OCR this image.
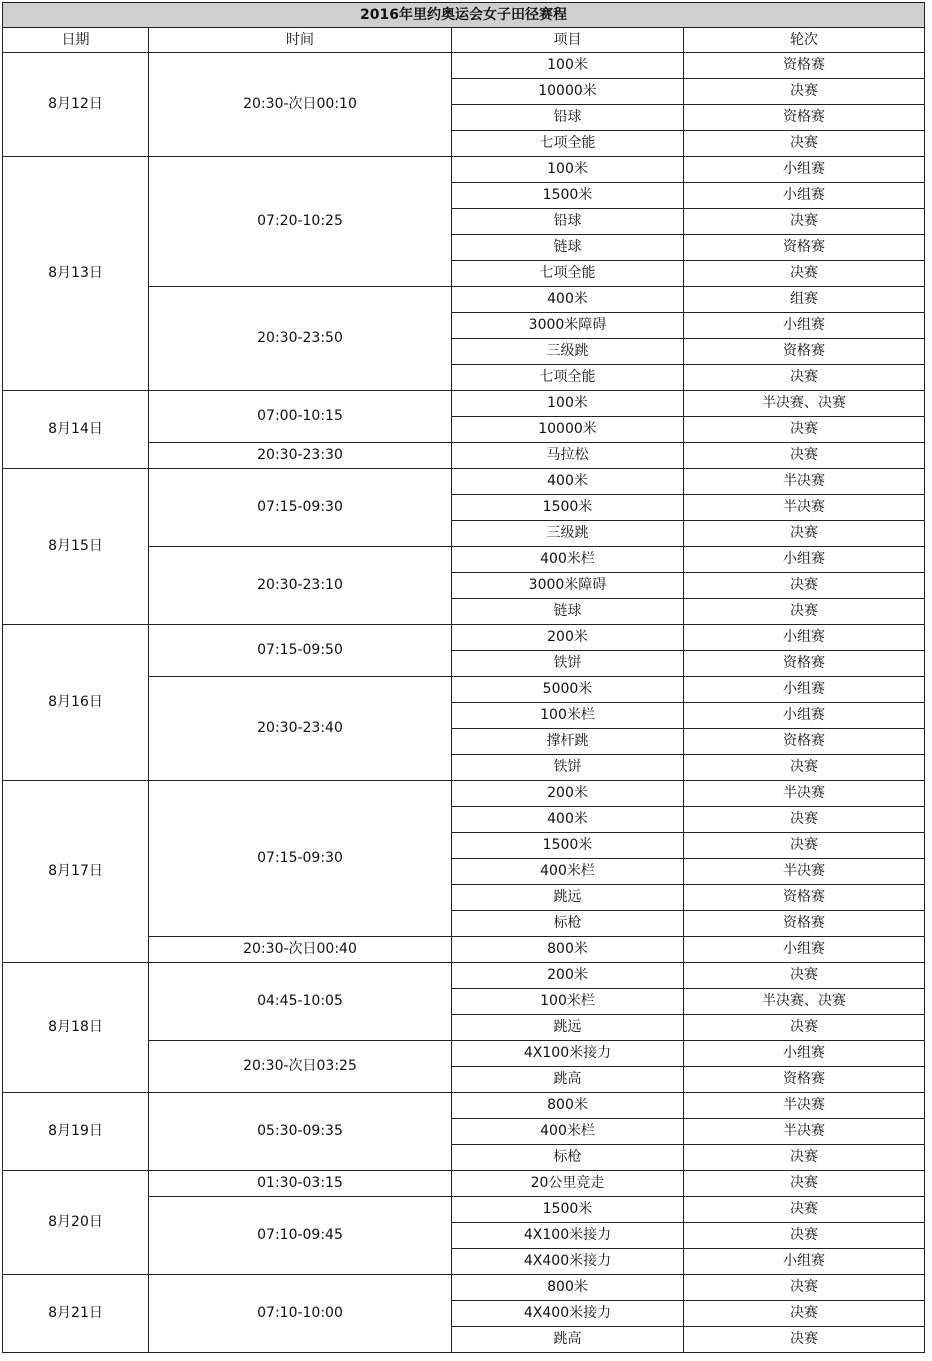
2016年里约奥运会女子田径赛程			
日期	时间	项目	轮次
8月12日	20:30-次日00:10	100米	资格赛
		10000米	决赛
		铅球	资格赛
		七项全能	决赛
8月13日	07:20-10:25	100米	小组赛
		1500米	小组赛
		铅球	决赛
		链球	资格赛
		七项全能	决赛
	20:30-23:50	400米	组赛
		3000米障碍	小组赛
		三级跳	资格赛
		七项全能	决赛
8月14日	07:00-10:15	100米	半决赛、决赛
		10000米	决赛
	20:30-23:30	马拉松	决赛
8月15日	07:15-09:30	400米	半决赛
		1500米	半决赛
		三级跳	决赛
	20:30-23:10	400米栏	小组赛
		3000米障碍	决赛
		链球	决赛
8月16日	07:15-09:50	200米	小组赛
		铁饼	资格赛
	20:30-23:40	5000米	小组赛
		100米栏	小组赛
		撑杆跳	资格赛
		铁饼	决赛
8月17日	07:15-09:30	200米	半决赛
		400米	决赛
		1500米	决赛
		400米栏	半决赛
		跳远	资格赛
		标枪	资格赛
	20:30-次日00:40	800米	小组赛
8月18日	04:45-10:05	200米	决赛
		100米栏	半决赛、决赛
		跳远	决赛
	20:30-次日03:25	4X100米接力	小组赛
		跳高	资格赛
8月19日	05:30-09:35	800米	半决赛
		400米栏	半决赛
		标枪	决赛
8月20日	01:30-03:15	20公里竞走	决赛
	07:10-09:45	1500米	决赛
		4X100米接力	决赛
		4X400米接力	小组赛
8月21日	07:10-10:00	800米	决赛
		4X400米接力	决赛
		跳高	决赛
